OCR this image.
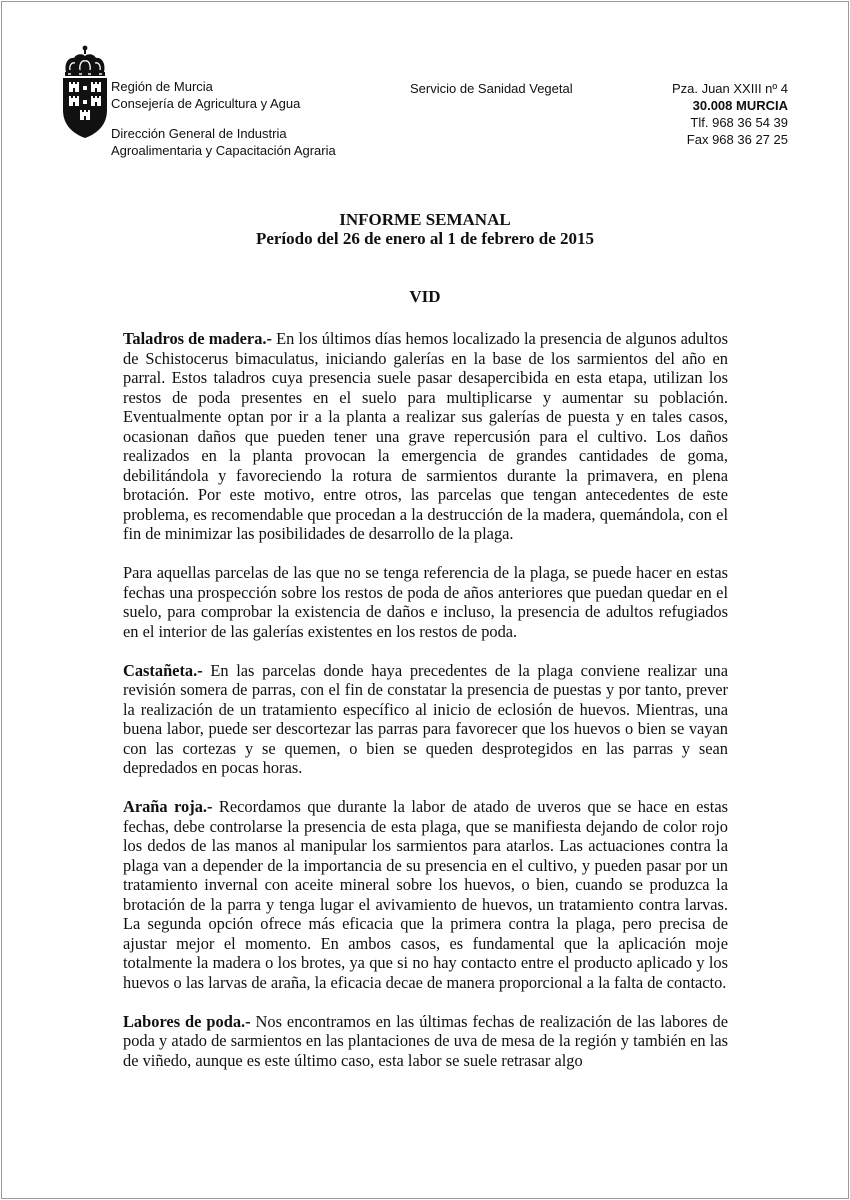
Región de Murcia
Consejería de Agricultura y Agua
Dirección General de Industria
Agroalimentaria y Capacitación Agraria
Servicio de Sanidad Vegetal	Pza. Juan XXIII nº 4
30.008 MURCIA
Tlf. 968 36 54 39
Fax 968 36 27 25
INFORME SEMANAL
Período del 26 de enero al 1 de febrero de 2015
VID

Taladros de madera.- En los últimos días hemos localizado la presencia de algunos adultos de Schistocerus bimaculatus, iniciando galerías en la base de los sarmientos del año en parral. Estos taladros cuya presencia suele pasar desapercibida en esta etapa, utilizan los restos de poda presentes en el suelo para multiplicarse y aumentar su población. Eventualmente optan por ir a la planta a realizar sus galerías de puesta y en tales casos, ocasionan daños que pueden tener una grave repercusión para el cultivo. Los daños realizados en la planta provocan la emergencia de grandes cantidades de goma, debilitándola y favoreciendo la rotura de sarmientos durante la primavera, en plena brotación. Por este motivo, entre otros, las parcelas que tengan antecedentes de este problema, es recomendable que procedan a la destrucción de la madera, quemándola, con el fin de minimizar las posibilidades de desarrollo de la plaga.

Para aquellas parcelas de las que no se tenga referencia de la plaga, se puede hacer en estas fechas una prospección sobre los restos de poda de años anteriores que puedan quedar en el suelo, para comprobar la existencia de daños e incluso, la presencia de adultos refugiados en el interior de las galerías existentes en los restos de poda.

Castañeta.- En las parcelas donde haya precedentes de la plaga conviene realizar una revisión somera de parras, con el fin de constatar la presencia de puestas y por tanto, prever la realización de un tratamiento específico al inicio de eclosión de huevos. Mientras, una buena labor, puede ser descortezar las parras para favorecer que los huevos o bien se vayan con las cortezas y se quemen, o bien se queden desprotegidos en las parras y sean depredados en pocas horas.

Araña roja.- Recordamos que durante la labor de atado de uveros que se hace en estas fechas, debe controlarse la presencia de esta plaga, que se manifiesta dejando de color rojo los dedos de las manos al manipular los sarmientos para atarlos. Las actuaciones contra la plaga van a depender de la importancia de su presencia en el cultivo, y pueden pasar por un tratamiento invernal con aceite mineral sobre los huevos, o bien, cuando se produzca la brotación de la parra y tenga lugar el avivamiento de huevos, un tratamiento contra larvas. La segunda opción ofrece más eficacia que la primera contra la plaga, pero precisa de ajustar mejor el momento. En ambos casos, es fundamental que la aplicación moje totalmente la madera o los brotes, ya que si no hay contacto entre el producto aplicado y los huevos o las larvas de araña, la eficacia decae de manera proporcional a la falta de contacto.

Labores de poda.- Nos encontramos en las últimas fechas de realización de las labores de poda y atado de sarmientos en las plantaciones de uva de mesa de la región y también en las de viñedo, aunque es este último caso, esta labor se suele retrasar algo
